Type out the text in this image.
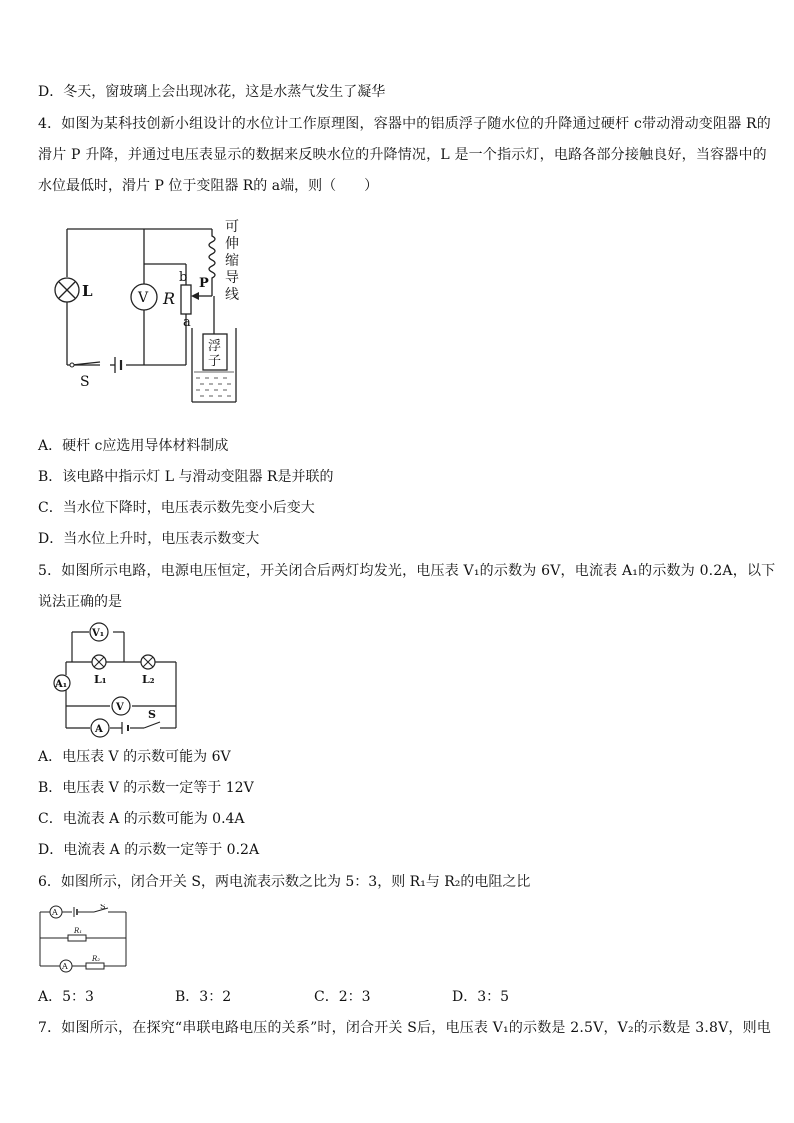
D．冬天，窗玻璃上会出现冰花，这是水蒸气发生了凝华
4．如图为某科技创新小组设计的水位计工作原理图，容器中的铝质浮子随水位的升降通过硬杆 c带动滑动变阻器 R的
滑片 P 升降，并通过电压表显示的数据来反映水位的升降情况，L 是一个指示灯，电路各部分接触良好，当容器中的
水位最低时，滑片 P 位于变阻器 R的 a端，则（　　）
L	V R
b
a
P
S
可
伸
缩
导
线
浮
子
A．硬杆 c应选用导体材料制成
B．该电路中指示灯 L 与滑动变阻器 R是并联的
C．当水位下降时，电压表示数先变小后变大
D．当水位上升时，电压表示数变大
5．如图所示电路，电源电压恒定，开关闭合后两灯均发光，电压表 V₁的示数为 6V，电流表 A₁的示数为 0.2A，以下
说法正确的是
V₁
L₁	L₂
A₁
V
A
S
A．电压表 V 的示数可能为 6V
B．电压表 V 的示数一定等于 12V
C．电流表 A 的示数可能为 0.4A
D．电流表 A 的示数一定等于 0.2A
6．如图所示，闭合开关 S，两电流表示数之比为 5：3，则 R₁与 R₂的电阻之比
A
S
R₁
A
R₂
A．5：3	B．3：2	C．2：3	D．3：5
7．如图所示，在探究“串联电路电压的关系”时，闭合开关 S后，电压表 V₁的示数是 2.5V，V₂的示数是 3.8V，则电
